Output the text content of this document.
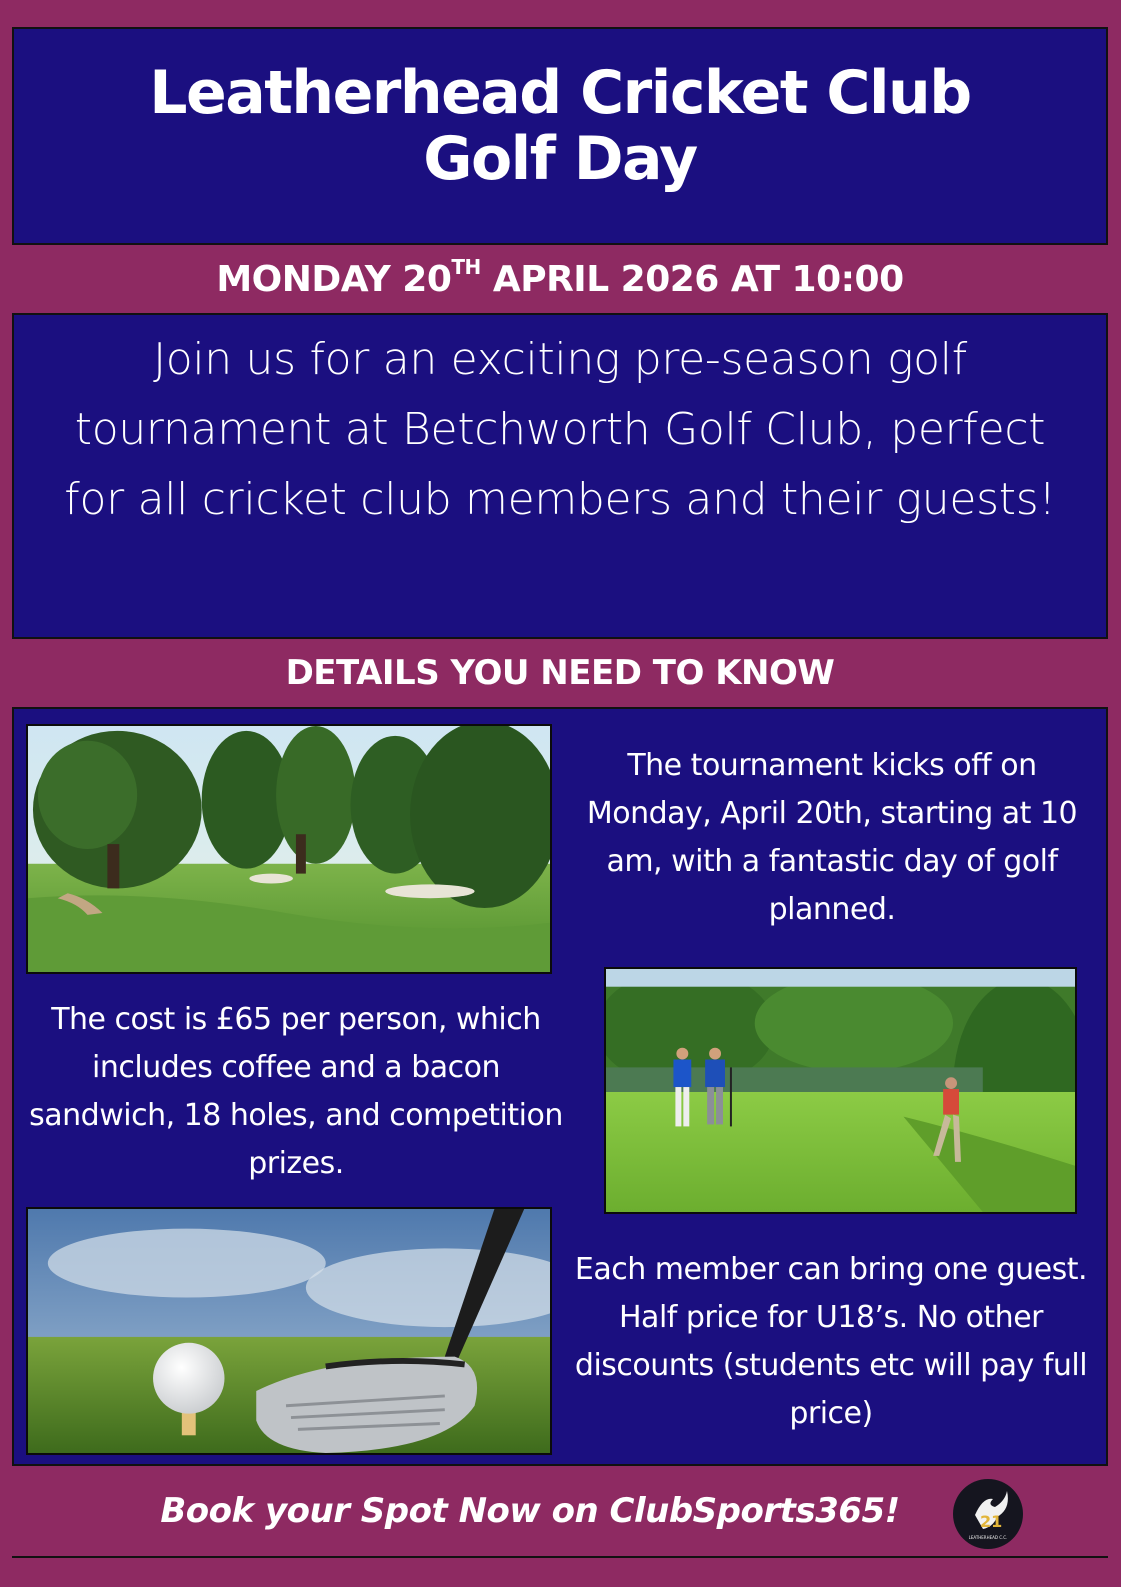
Leatherhead Cricket Club
Golf Day
MONDAY 20TH APRIL 2026 AT 10:00
Join us for an exciting pre-season golf tournament at Betchworth Golf Club, perfect for all cricket club members and their guests!
DETAILS YOU NEED TO KNOW
The tournament kicks off on Monday, April 20th, starting at 10 am, with a fantastic day of golf planned.
The cost is £65 per person, which includes coffee and a bacon sandwich, 18 holes, and competition prizes.
Each member can bring one guest. Half price for U18’s. No other discounts (students etc will pay full price)
Book your Spot Now on ClubSports365!	21
LEATHERHEAD C.C.
